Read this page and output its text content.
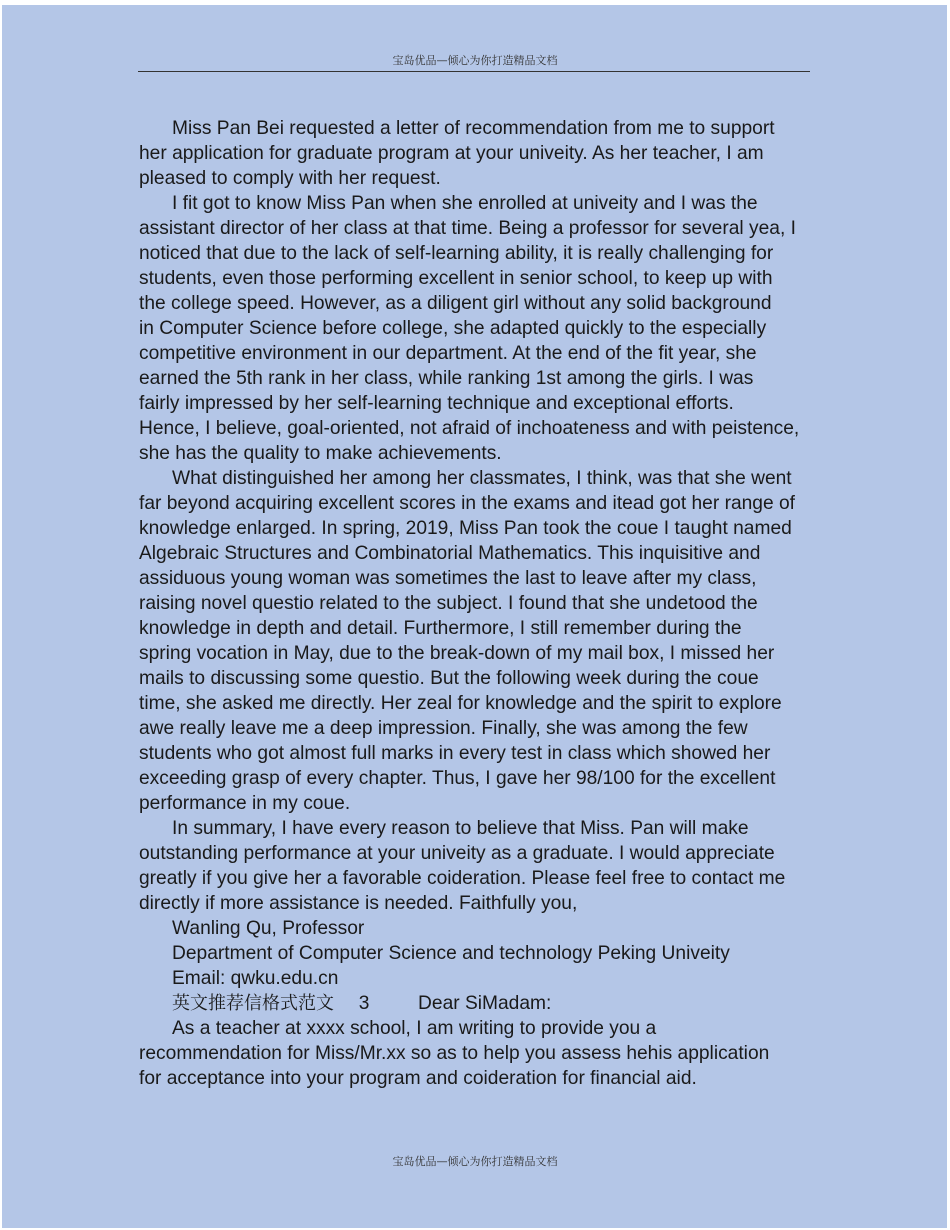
宝岛优品—倾心为你打造精品文档
Miss Pan Bei requested a letter of recommendation from me to support
her application for graduate program at your univeity. As her teacher, I am
pleased to comply with her request.
I fit got to know Miss Pan when she enrolled at univeity and I was the
assistant director of her class at that time. Being a professor for several yea, I
noticed that due to the lack of self-learning ability, it is really challenging for
students, even those performing excellent in senior school, to keep up with
the college speed. However, as a diligent girl without any solid background
in Computer Science before college, she adapted quickly to the especially
competitive environment in our department. At the end of the fit year, she
earned the 5th rank in her class, while ranking 1st among the girls. I was
fairly impressed by her self-learning technique and exceptional efforts.
Hence, I believe, goal-oriented, not afraid of inchoateness and with peistence,
she has the quality to make achievements.
What distinguished her among her classmates, I think, was that she went
far beyond acquiring excellent scores in the exams and itead got her range of
knowledge enlarged. In spring, 2019, Miss Pan took the coue I taught named
Algebraic Structures and Combinatorial Mathematics. This inquisitive and
assiduous young woman was sometimes the last to leave after my class,
raising novel questio related to the subject. I found that she undetood the
knowledge in depth and detail. Furthermore, I still remember during the
spring vocation in May, due to the break-down of my mail box, I missed her
mails to discussing some questio. But the following week during the coue
time, she asked me directly. Her zeal for knowledge and the spirit to explore
awe really leave me a deep impression. Finally, she was among the few
students who got almost full marks in every test in class which showed her
exceeding grasp of every chapter. Thus, I gave her 98/100 for the excellent
performance in my coue.
In summary, I have every reason to believe that Miss. Pan will make
outstanding performance at your univeity as a graduate. I would appreciate
greatly if you give her a favorable coideration. Please feel free to contact me
directly if more assistance is needed. Faithfully you,
Wanling Qu, Professor
Department of Computer Science and technology Peking Univeity
Email: qwku.edu.cn
英文推荐信格式范文 3	Dear SiMadam:
As a teacher at xxxx school, I am writing to provide you a
recommendation for Miss/Mr.xx so as to help you assess hehis application
for acceptance into your program and coideration for financial aid.
宝岛优品—倾心为你打造精品文档
